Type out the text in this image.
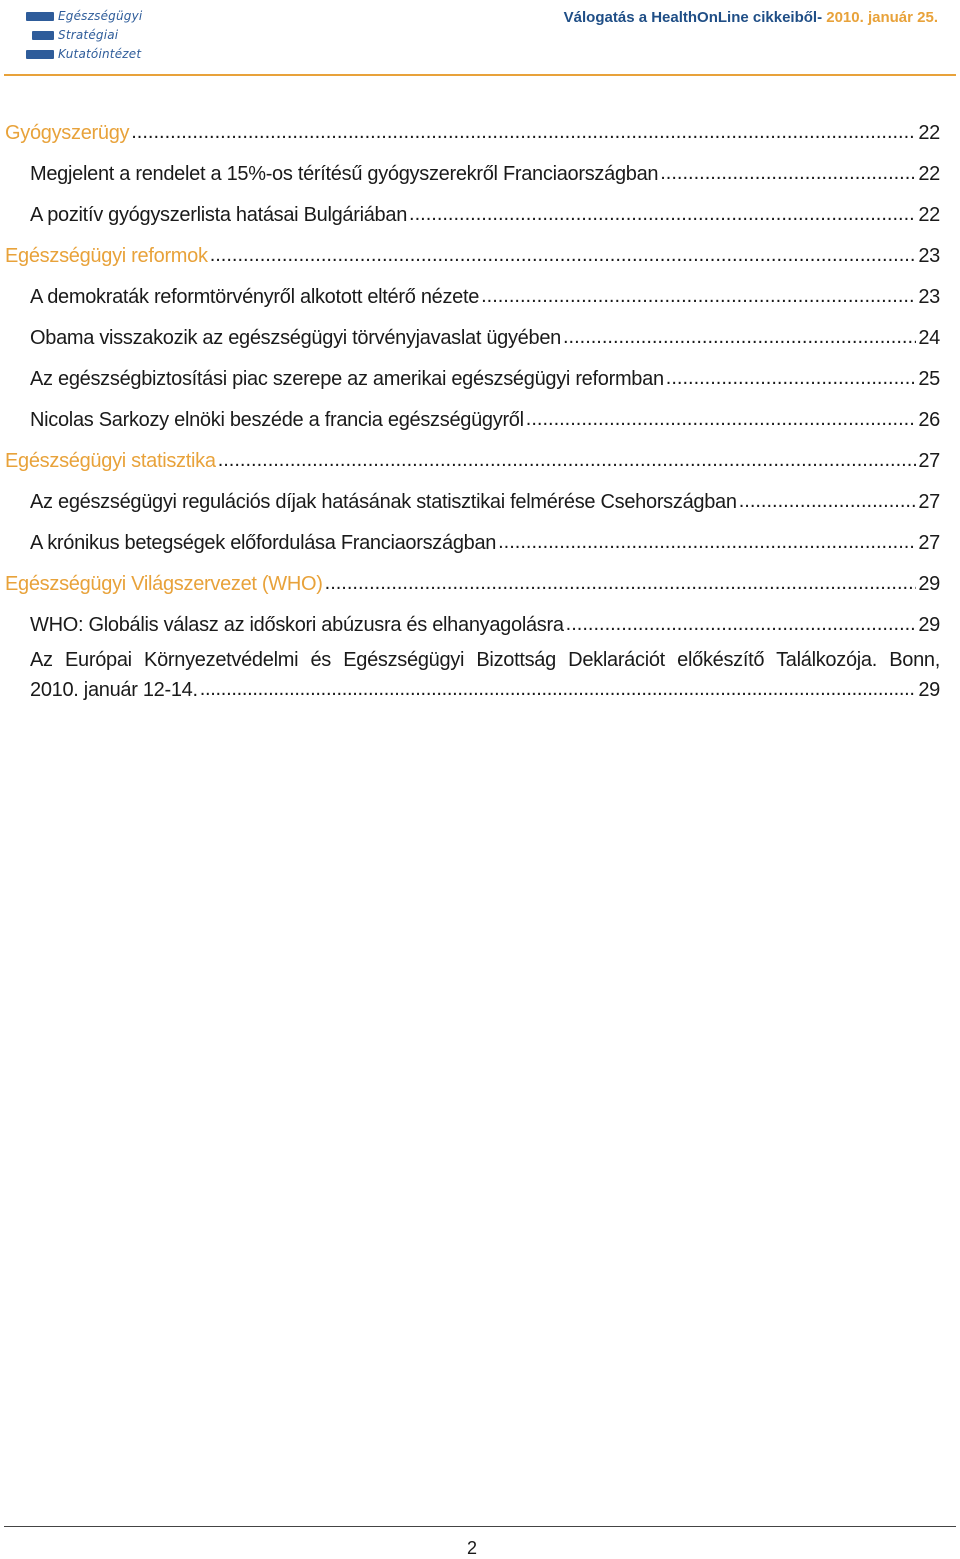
Egészségügyi
Stratégiai
Kutatóintézet
Válogatás a HealthOnLine cikkeiből- 2010. január 25.
Gyógyszerügy .....	22
Megjelent a rendelet a 15%-os térítésű gyógyszerekről Franciaországban .....	22
A pozitív gyógyszerlista hatásai Bulgáriában .....	22
Egészségügyi reformok .....	23
A demokraták reformtörvényről alkotott eltérő nézete .....	23
Obama visszakozik az egészségügyi törvényjavaslat ügyében .....	24
Az egészségbiztosítási piac szerepe az amerikai egészségügyi reformban .....	25
Nicolas Sarkozy elnöki beszéde a francia egészségügyről .....	26
Egészségügyi statisztika .....	27
Az egészségügyi regulációs díjak hatásának statisztikai felmérése Csehországban .....	27
A krónikus betegségek előfordulása Franciaországban .....	27
Egészségügyi Világszervezet (WHO) .....	29
WHO: Globális válasz az időskori abúzusra és elhanyagolásra .....	29
Az Európai Környezetvédelmi és Egészségügyi Bizottság Deklarációt előkészítő Találkozója. Bonn,
2010. január 12-14. .....	29
2
